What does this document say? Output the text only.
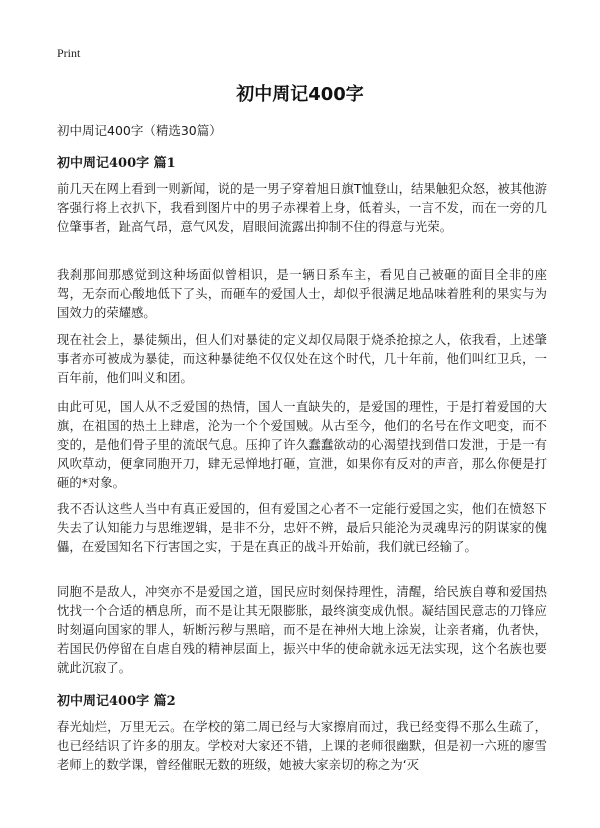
Print
初中周记400字

初中周记400字（精选30篇）

初中周记400字 篇1

前几天在网上看到一则新闻，说的是一男子穿着旭日旗T恤登山，结果触犯众怒，被其他游客强行将上衣扒下，我看到图片中的男子赤裸着上身，低着头，一言不发，而在一旁的几位肇事者，趾高气昂，意气风发，眉眼间流露出抑制不住的得意与光荣。

我刹那间那感觉到这种场面似曾相识，是一辆日系车主，看见自己被砸的面目全非的座驾，无奈而心酸地低下了头，而砸车的爱国人士，却似乎很满足地品味着胜利的果实与为国效力的荣耀感。

现在社会上，暴徒频出，但人们对暴徒的定义却仅局限于烧杀抢掠之人，依我看，上述肇事者亦可被成为暴徒，而这种暴徒绝不仅仅处在这个时代，几十年前，他们叫红卫兵，一百年前，他们叫义和团。

由此可见，国人从不乏爱国的热情，国人一直缺失的，是爱国的理性，于是打着爱国的大旗，在祖国的热土上肆虐，沦为一个个爱国贼。从古至今，他们的名号在作文吧变，而不变的，是他们骨子里的流氓气息。压抑了许久蠢蠢欲动的心渴望找到借口发泄，于是一有风吹草动，便拿同胞开刀，肆无忌惮地打砸，宣泄，如果你有反对的声音，那么你便是打砸的*对象。

我不否认这些人当中有真正爱国的，但有爱国之心者不一定能行爱国之实，他们在愤怒下失去了认知能力与思维逻辑，是非不分，忠奸不辨，最后只能沦为灵魂卑污的阴谋家的傀儡，在爱国知名下行害国之实，于是在真正的战斗开始前，我们就已经输了。

同胞不是敌人，冲突亦不是爱国之道，国民应时刻保持理性，清醒，给民族自尊和爱国热忱找一个合适的栖息所，而不是让其无限膨胀，最终演变成仇恨。凝结国民意志的刀锋应时刻逼向国家的罪人，斩断污秽与黑暗，而不是在神州大地上涂炭，让亲者痛，仇者快，若国民仍停留在自虐自残的精神层面上，振兴中华的使命就永远无法实现，这个名族也要就此沉寂了。

初中周记400字 篇2

春光灿烂，万里无云。在学校的第二周已经与大家擦肩而过，我已经变得不那么生疏了，也已经结识了许多的朋友。学校对大家还不错，上课的老师很幽默，但是初一六班的廖雪老师上的数学课，曾经催眠无数的班级，她被大家亲切的称之为‘灭
